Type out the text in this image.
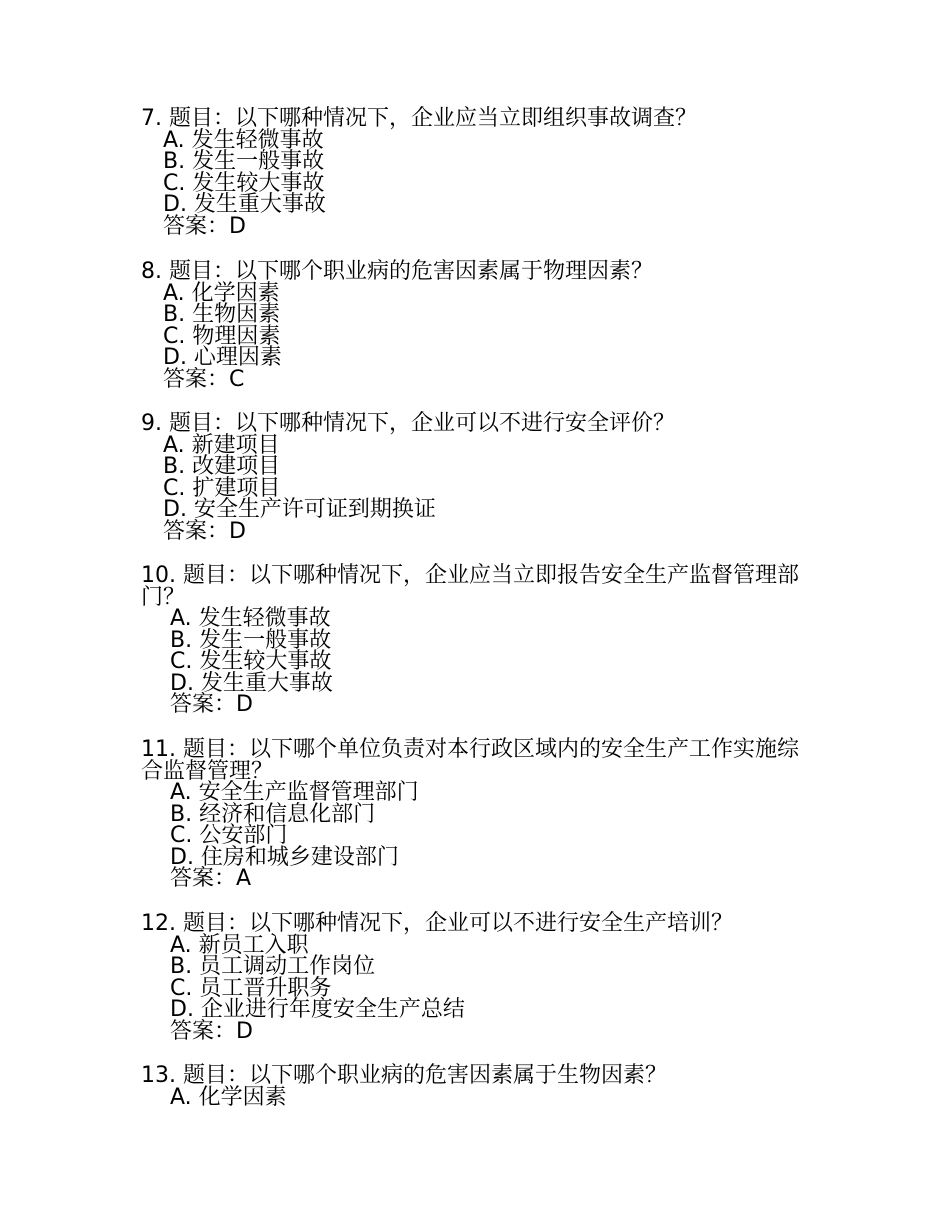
7. 题目：以下哪种情况下，企业应当立即组织事故调查？
A. 发生轻微事故
B. 发生一般事故
C. 发生较大事故
D. 发生重大事故
答案：D
8. 题目：以下哪个职业病的危害因素属于物理因素？
A. 化学因素
B. 生物因素
C. 物理因素
D. 心理因素
答案：C
9. 题目：以下哪种情况下，企业可以不进行安全评价？
A. 新建项目
B. 改建项目
C. 扩建项目
D. 安全生产许可证到期换证
答案：D
10. 题目：以下哪种情况下，企业应当立即报告安全生产监督管理部门？
A. 发生轻微事故
B. 发生一般事故
C. 发生较大事故
D. 发生重大事故
答案：D
11. 题目：以下哪个单位负责对本行政区域内的安全生产工作实施综合监督管理？
A. 安全生产监督管理部门
B. 经济和信息化部门
C. 公安部门
D. 住房和城乡建设部门
答案：A
12. 题目：以下哪种情况下，企业可以不进行安全生产培训？
A. 新员工入职
B. 员工调动工作岗位
C. 员工晋升职务
D. 企业进行年度安全生产总结
答案：D
13. 题目：以下哪个职业病的危害因素属于生物因素？
A. 化学因素
